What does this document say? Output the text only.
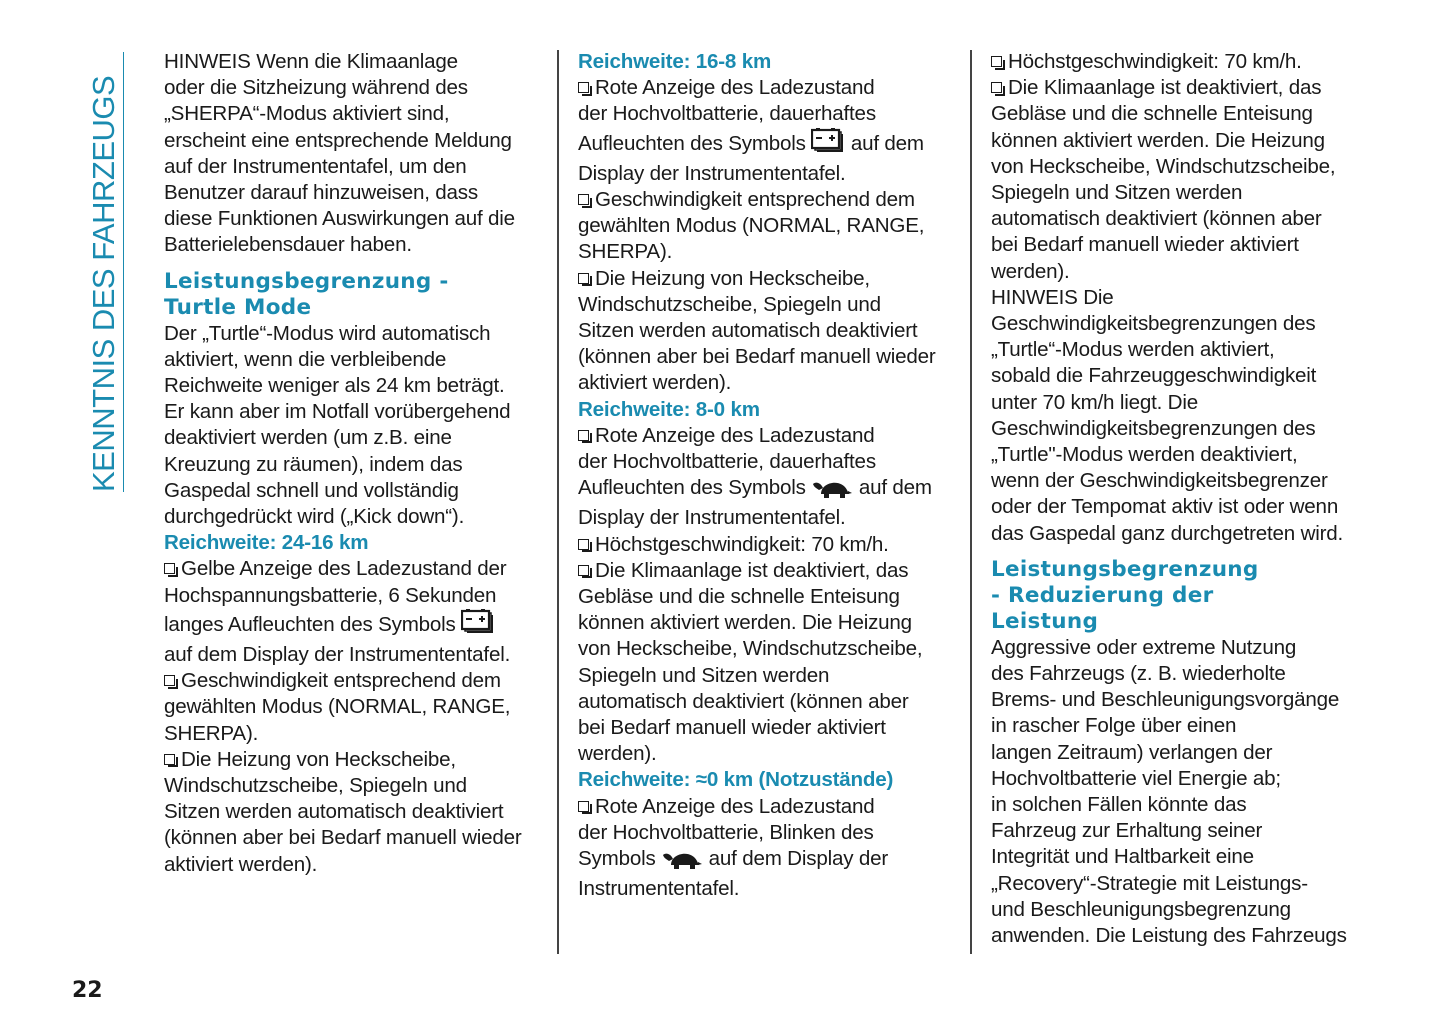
KENNTNIS DES FAHRZEUGS
HINWEIS Wenn die Klimaanlage
oder die Sitzheizung während des
„SHERPA“-Modus aktiviert sind,
erscheint eine entsprechende Meldung
auf der Instrumententafel, um den
Benutzer darauf hinzuweisen, dass
diese Funktionen Auswirkungen auf die
Batterielebensdauer haben.
Leistungsbegrenzung -
Turtle Mode
Der „Turtle“-Modus wird automatisch
aktiviert, wenn die verbleibende
Reichweite weniger als 24 km beträgt.
Er kann aber im Notfall vorübergehend
deaktiviert werden (um z.B. eine
Kreuzung zu räumen), indem das
Gaspedal schnell und vollständig
durchgedrückt wird („Kick down“).
Reichweite: 24-16 km
Gelbe Anzeige des Ladezustand der
Hochspannungsbatterie, 6 Sekunden
langes Aufleuchten des Symbols
auf dem Display der Instrumententafel.
Geschwindigkeit entsprechend dem
gewählten Modus (NORMAL, RANGE,
SHERPA).
Die Heizung von Heckscheibe,
Windschutzscheibe, Spiegeln und
Sitzen werden automatisch deaktiviert
(können aber bei Bedarf manuell wieder
aktiviert werden).
Reichweite: 16-8 km
Rote Anzeige des Ladezustand
der Hochvoltbatterie, dauerhaftes
Aufleuchten des Symbols auf dem
Display der Instrumententafel.
Geschwindigkeit entsprechend dem
gewählten Modus (NORMAL, RANGE,
SHERPA).
Die Heizung von Heckscheibe,
Windschutzscheibe, Spiegeln und
Sitzen werden automatisch deaktiviert
(können aber bei Bedarf manuell wieder
aktiviert werden).
Reichweite: 8-0 km
Rote Anzeige des Ladezustand
der Hochvoltbatterie, dauerhaftes
Aufleuchten des Symbols	auf dem
Display der Instrumententafel.
Höchstgeschwindigkeit: 70 km/h.
Die Klimaanlage ist deaktiviert, das
Gebläse und die schnelle Enteisung
können aktiviert werden. Die Heizung
von Heckscheibe, Windschutzscheibe,
Spiegeln und Sitzen werden
automatisch deaktiviert (können aber
bei Bedarf manuell wieder aktiviert
werden).
Reichweite: ≈0 km (Notzustände)
Rote Anzeige des Ladezustand
der Hochvoltbatterie, Blinken des
Symbols	auf dem Display der
Instrumententafel.
Höchstgeschwindigkeit: 70 km/h.
Die Klimaanlage ist deaktiviert, das
Gebläse und die schnelle Enteisung
können aktiviert werden. Die Heizung
von Heckscheibe, Windschutzscheibe,
Spiegeln und Sitzen werden
automatisch deaktiviert (können aber
bei Bedarf manuell wieder aktiviert
werden).
HINWEIS Die
Geschwindigkeitsbegrenzungen des
„Turtle“-Modus werden aktiviert,
sobald die Fahrzeuggeschwindigkeit
unter 70 km/h liegt. Die
Geschwindigkeitsbegrenzungen des
„Turtle"-Modus werden deaktiviert,
wenn der Geschwindigkeitsbegrenzer
oder der Tempomat aktiv ist oder wenn
das Gaspedal ganz durchgetreten wird.
Leistungsbegrenzung
- Reduzierung der
Leistung
Aggressive oder extreme Nutzung
des Fahrzeugs (z. B. wiederholte
Brems- und Beschleunigungsvorgänge
in rascher Folge über einen
langen Zeitraum) verlangen der
Hochvoltbatterie viel Energie ab;
in solchen Fällen könnte das
Fahrzeug zur Erhaltung seiner
Integrität und Haltbarkeit eine
„Recovery“-Strategie mit Leistungs-
und Beschleunigungsbegrenzung
anwenden. Die Leistung des Fahrzeugs
22
